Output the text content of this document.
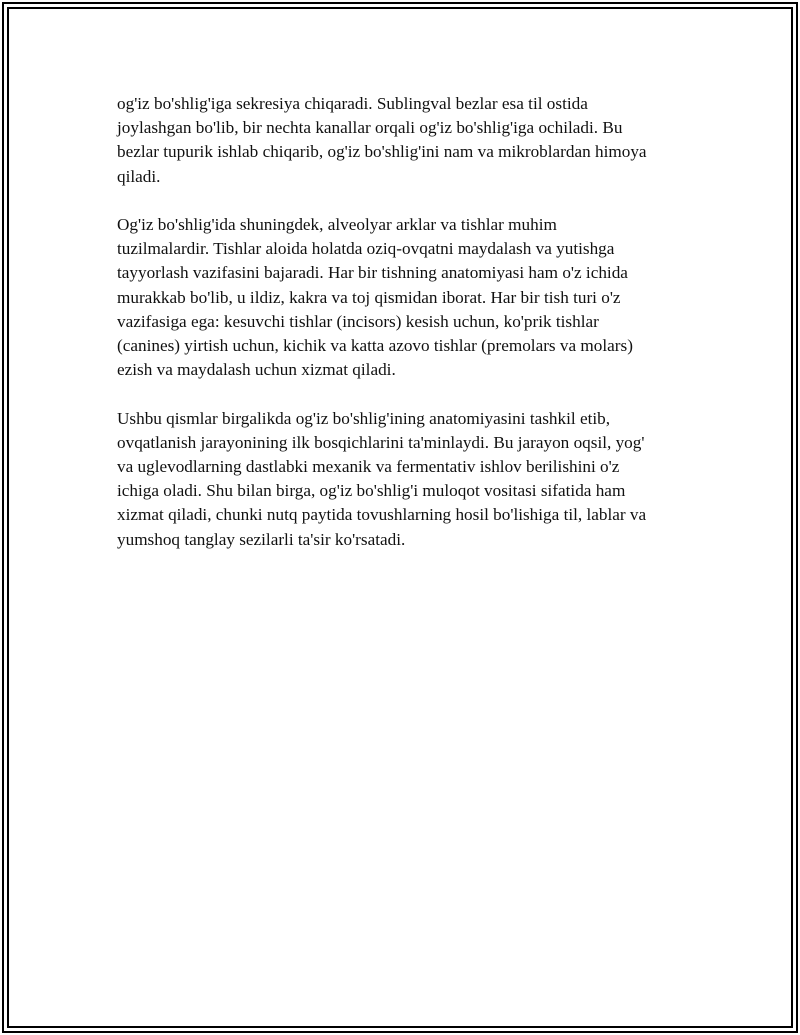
og'iz bo'shlig'iga sekresiya chiqaradi. Sublingval bezlar esa til ostida
joylashgan bo'lib, bir nechta kanallar orqali og'iz bo'shlig'iga ochiladi. Bu
bezlar tupurik ishlab chiqarib, og'iz bo'shlig'ini nam va mikroblardan himoya
qiladi.

Og'iz bo'shlig'ida shuningdek, alveolyar arklar va tishlar muhim
tuzilmalardir. Tishlar aloida holatda oziq-ovqatni maydalash va yutishga
tayyorlash vazifasini bajaradi. Har bir tishning anatomiyasi ham o'z ichida
murakkab bo'lib, u ildiz, kakra va toj qismidan iborat. Har bir tish turi o'z
vazifasiga ega: kesuvchi tishlar (incisors) kesish uchun, ko'prik tishlar
(canines) yirtish uchun, kichik va katta azovo tishlar (premolars va molars)
ezish va maydalash uchun xizmat qiladi.

Ushbu qismlar birgalikda og'iz bo'shlig'ining anatomiyasini tashkil etib,
ovqatlanish jarayonining ilk bosqichlarini ta'minlaydi. Bu jarayon oqsil, yog'
va uglevodlarning dastlabki mexanik va fermentativ ishlov berilishini o'z
ichiga oladi. Shu bilan birga, og'iz bo'shlig'i muloqot vositasi sifatida ham
xizmat qiladi, chunki nutq paytida tovushlarning hosil bo'lishiga til, lablar va
yumshoq tanglay sezilarli ta'sir ko'rsatadi.
